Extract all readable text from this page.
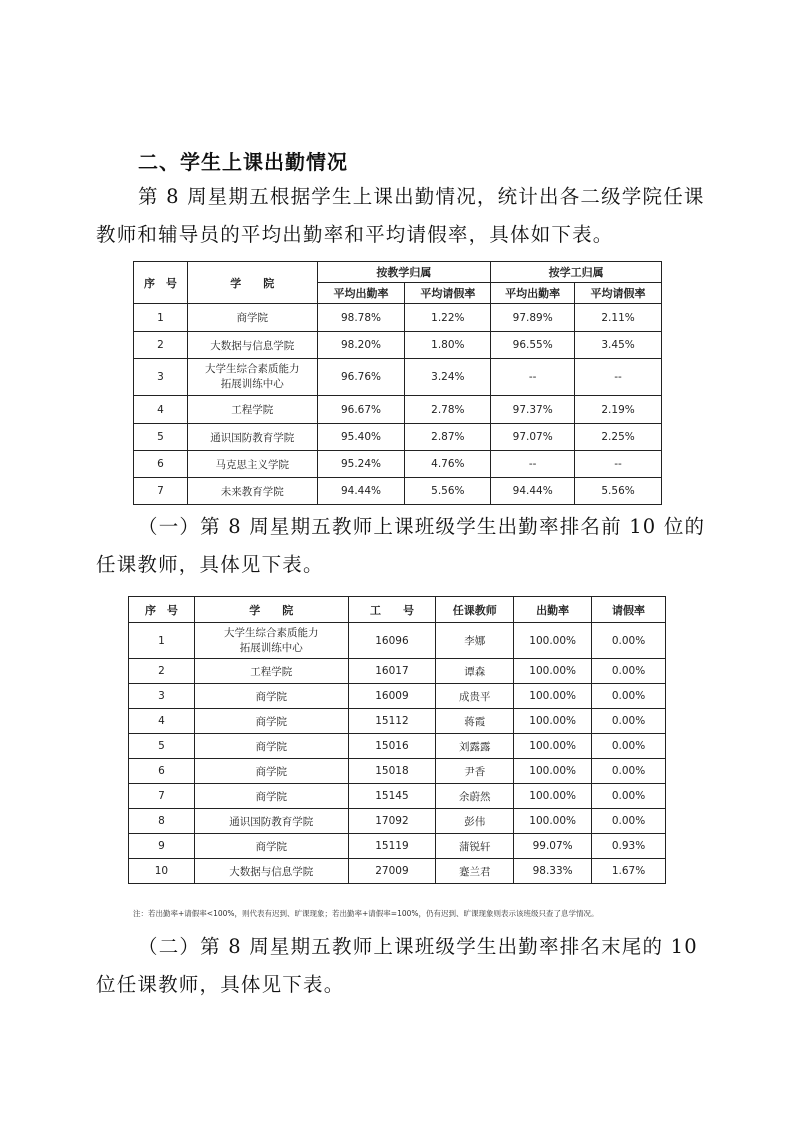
二、学生上课出勤情况
第 8 周星期五根据学生上课出勤情况，统计出各二级学院任课教师和辅导员的平均出勤率和平均请假率，具体如下表。
序　号	学　　院	按教学归属		按学工归属	
		平均出勤率	平均请假率	平均出勤率	平均请假率
1	商学院	98.78%	1.22%	97.89%	2.11%
2	大数据与信息学院	98.20%	1.80%	96.55%	3.45%
3	大学生综合素质能力
拓展训练中心	96.76%	3.24%	--	--
4	工程学院	96.67%	2.78%	97.37%	2.19%
5	通识国防教育学院	95.40%	2.87%	97.07%	2.25%
6	马克思主义学院	95.24%	4.76%	--	--
7	未来教育学院	94.44%	5.56%	94.44%	5.56%
（一）第 8 周星期五教师上课班级学生出勤率排名前 10 位的任课教师，具体见下表。
序　号	学　　院	工　　号	任课教师	出勤率	请假率
1	大学生综合素质能力
拓展训练中心	16096	李娜	100.00%	0.00%
2	工程学院	16017	谭森	100.00%	0.00%
3	商学院	16009	成贵平	100.00%	0.00%
4	商学院	15112	蒋霞	100.00%	0.00%
5	商学院	15016	刘露露	100.00%	0.00%
6	商学院	15018	尹香	100.00%	0.00%
7	商学院	15145	余蔚然	100.00%	0.00%
8	通识国防教育学院	17092	彭伟	100.00%	0.00%
9	商学院	15119	蒲锐轩	99.07%	0.93%
10	大数据与信息学院	27009	蹇兰君	98.33%	1.67%
注：若出勤率+请假率<100%，则代表有迟到、旷课现象；若出勤率+请假率=100%，仍有迟到、旷课现象则表示该班级只查了息学情况。
（二）第 8 周星期五教师上课班级学生出勤率排名末尾的 10 位任课教师，具体见下表。
